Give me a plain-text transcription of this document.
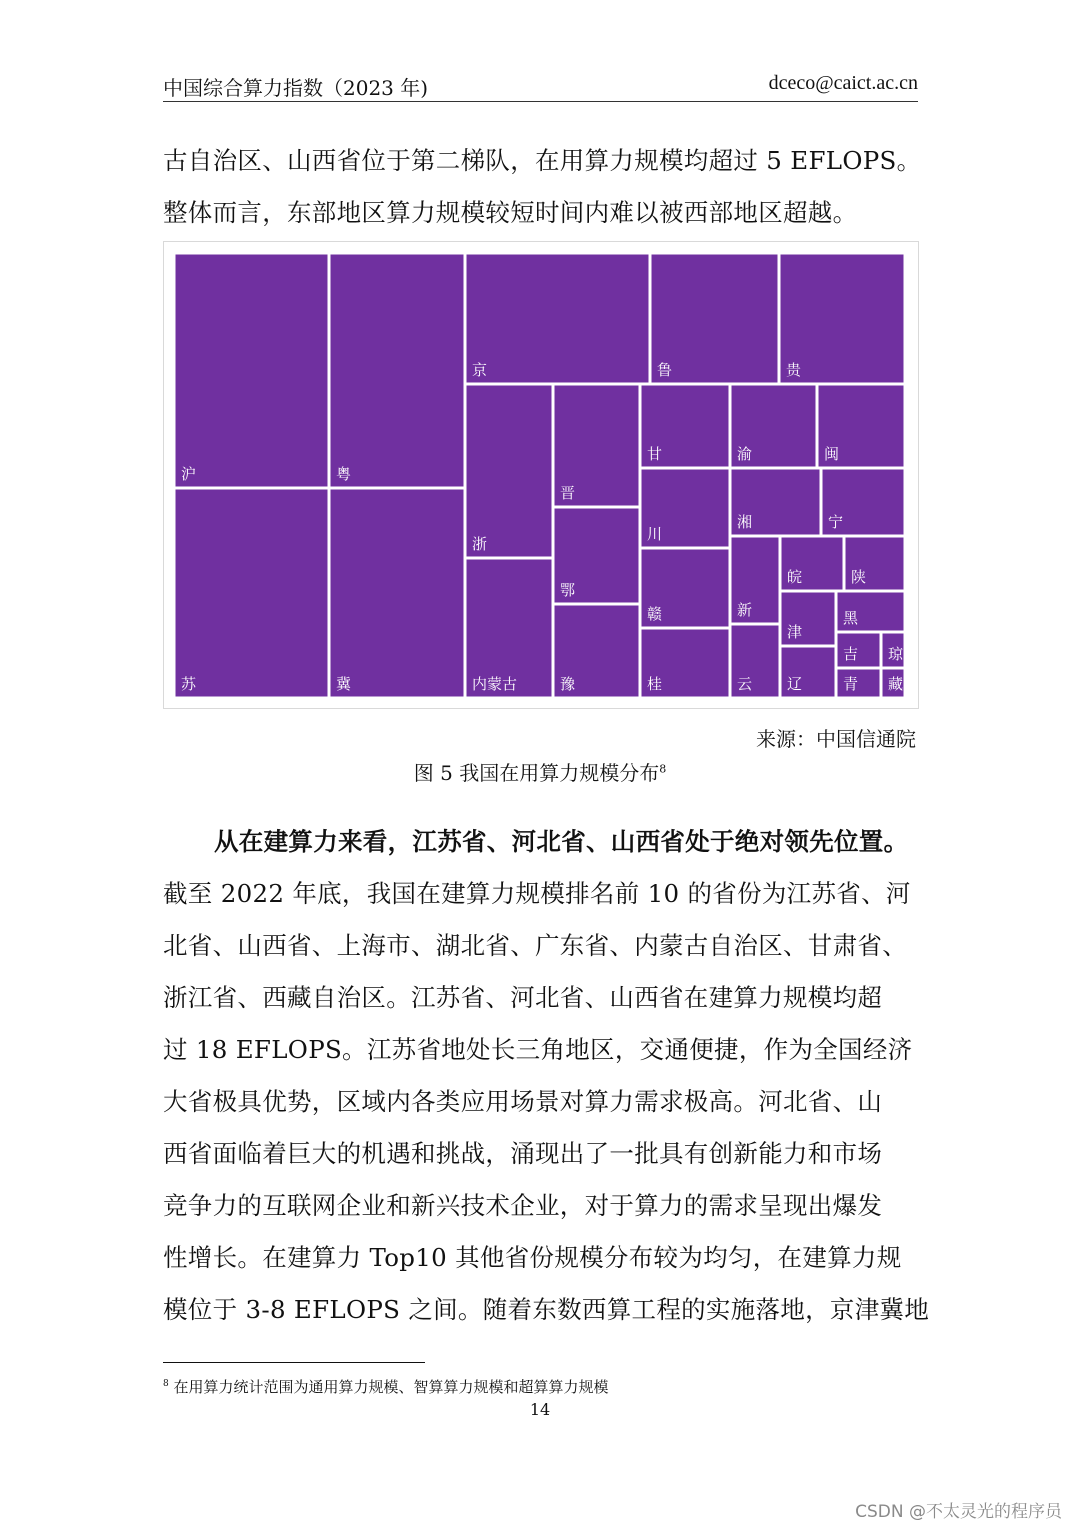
中国综合算力指数（2023 年)	dceco@caict.ac.cn
古自治区、山西省位于第二梯队，在用算力规模均超过 5 EFLOPS。
整体而言，东部地区算力规模较短时间内难以被西部地区超越。
沪
苏
粤
冀
京	鲁	贵
浙
内蒙古
晋
鄂
豫
甘	渝	闽
川
湘	宁
赣	新
皖	陕
黑
津
桂	云 辽
吉
青
琼
藏
来源：中国信通院
图 5 我国在用算力规模分布$^8$
从在建算力来看，江苏省、河北省、山西省处于绝对领先位置。
截至 2022 年底，我国在建算力规模排名前 10 的省份为江苏省、河
北省、山西省、上海市、湖北省、广东省、内蒙古自治区、甘肃省、
浙江省、西藏自治区。江苏省、河北省、山西省在建算力规模均超
过 18 EFLOPS。江苏省地处长三角地区，交通便捷，作为全国经济
大省极具优势，区域内各类应用场景对算力需求极高。河北省、山
西省面临着巨大的机遇和挑战，涌现出了一批具有创新能力和市场
竞争力的互联网企业和新兴技术企业，对于算力的需求呈现出爆发
性增长。在建算力 Top10 其他省份规模分布较为均匀，在建算力规
模位于 3-8 EFLOPS 之间。随着东数西算工程的实施落地，京津冀地
$^8$ 在用算力统计范围为通用算力规模、智算算力规模和超算算力规模
14
CSDN @不太灵光的程序员
